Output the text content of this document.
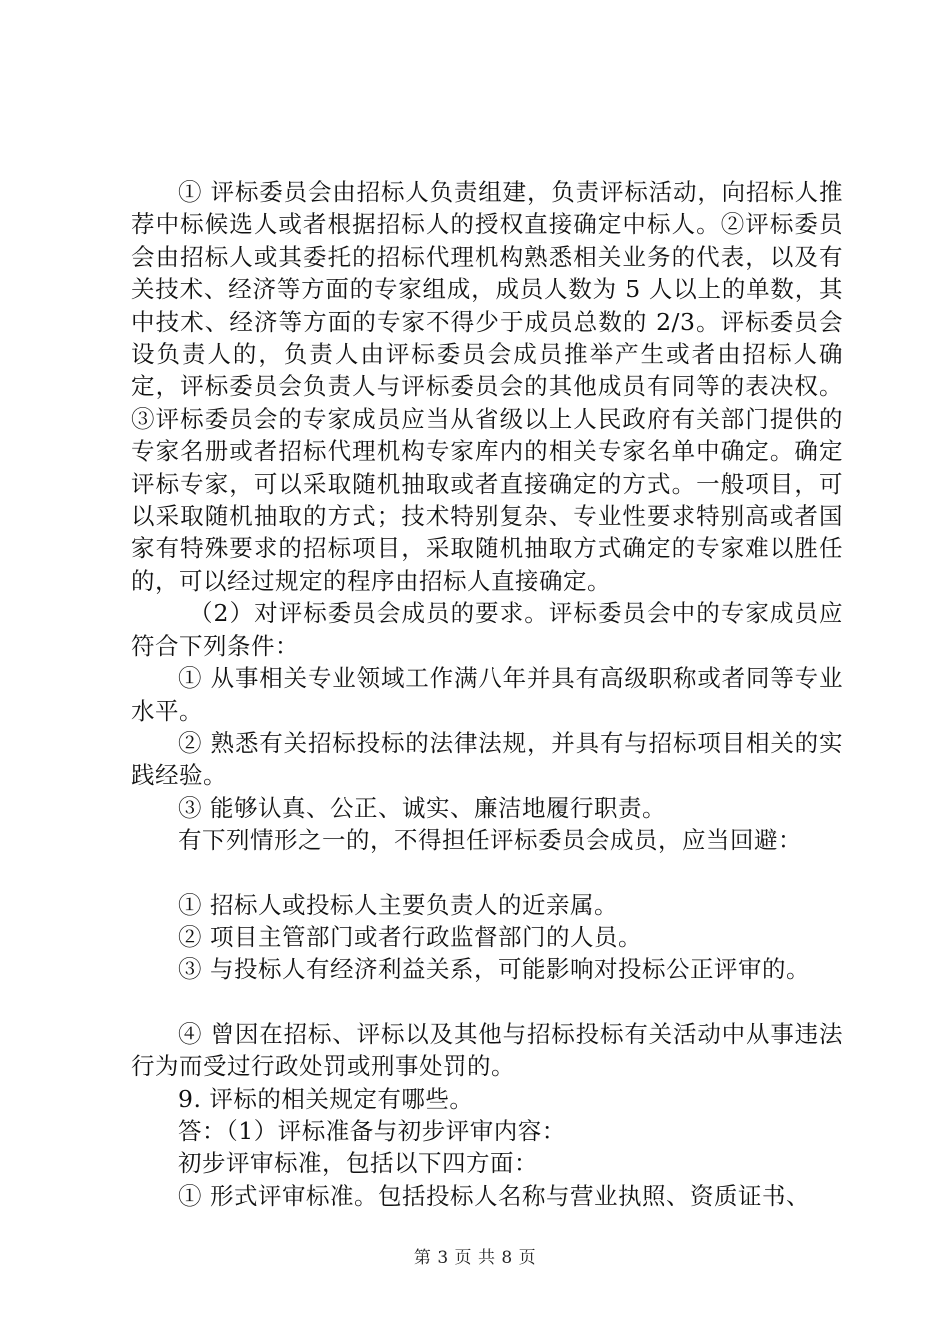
① 评标委员会由招标人负责组建，负责评标活动，向招标人推荐中标候选人或者根据招标人的授权直接确定中标人。②评标委员会由招标人或其委托的招标代理机构熟悉相关业务的代表，以及有关技术、经济等方面的专家组成，成员人数为 5 人以上的单数，其中技术、经济等方面的专家不得少于成员总数的 2/3。评标委员会设负责人的，负责人由评标委员会成员推举产生或者由招标人确定，评标委员会负责人与评标委员会的其他成员有同等的表决权。③评标委员会的专家成员应当从省级以上人民政府有关部门提供的专家名册或者招标代理机构专家库内的相关专家名单中确定。确定评标专家，可以采取随机抽取或者直接确定的方式。一般项目，可以采取随机抽取的方式；技术特别复杂、专业性要求特别高或者国家有特殊要求的招标项目，采取随机抽取方式确定的专家难以胜任的，可以经过规定的程序由招标人直接确定。

（2）对评标委员会成员的要求。评标委员会中的专家成员应符合下列条件：

① 从事相关专业领域工作满八年并具有高级职称或者同等专业水平。

② 熟悉有关招标投标的法律法规，并具有与招标项目相关的实践经验。

③ 能够认真、公正、诚实、廉洁地履行职责。

有下列情形之一的，不得担任评标委员会成员，应当回避：

① 招标人或投标人主要负责人的近亲属。

② 项目主管部门或者行政监督部门的人员。

③ 与投标人有经济利益关系，可能影响对投标公正评审的。

④ 曾因在招标、评标以及其他与招标投标有关活动中从事违法行为而受过行政处罚或刑事处罚的。

9. 评标的相关规定有哪些。

答：（1）评标准备与初步评审内容：

初步评审标准，包括以下四方面：

① 形式评审标准。包括投标人名称与营业执照、资质证书、

第 3 页 共 8 页
